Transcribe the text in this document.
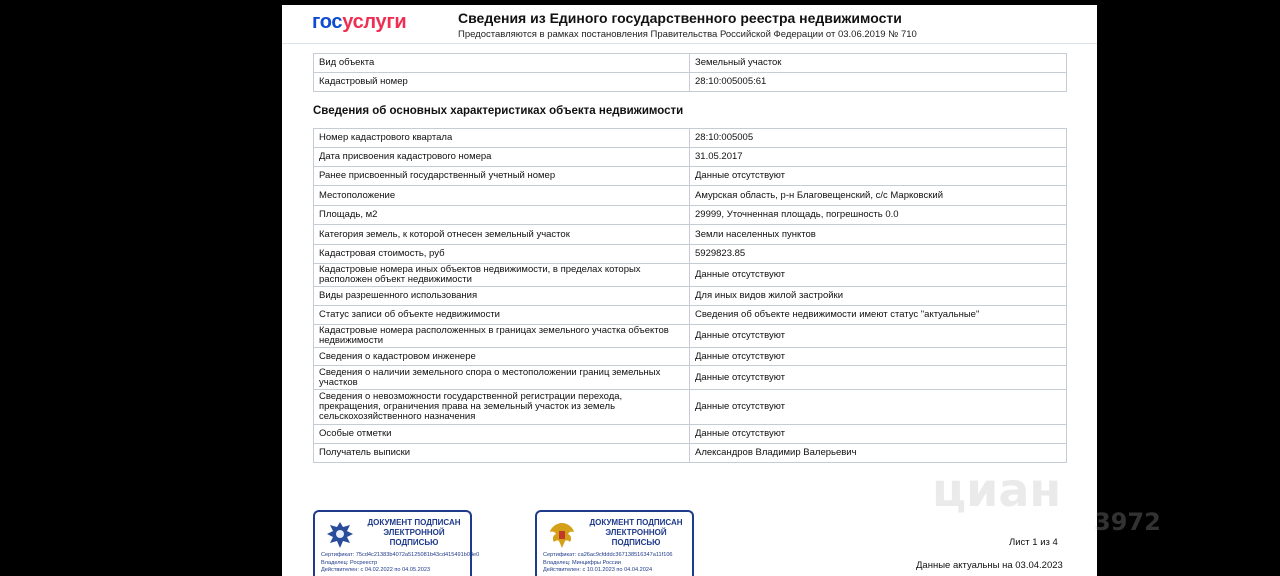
госуслуги	Сведения из Единого государственного реестра недвижимости
Предоставляются в рамках постановления Правительства Российской Федерации от 03.06.2019 № 710
Вид объекта	Земельный участок
Кадастровый номер	28:10:005005:61
Сведения об основных характеристиках объекта недвижимости
Номер кадастрового квартала	28:10:005005
Дата присвоения кадастрового номера	31.05.2017
Ранее присвоенный государственный учетный номер	Данные отсутствуют
Местоположение	Амурская область, р-н Благовещенский, с/с Марковский
Площадь, м2	29999, Уточненная площадь, погрешность 0.0
Категория земель, к которой отнесен земельный участок	Земли населенных пунктов
Кадастровая стоимость, руб	5929823.85
Кадастровые номера иных объектов недвижимости, в пределах которых расположен объект недвижимости	Данные отсутствуют
Виды разрешенного использования	Для иных видов жилой застройки
Статус записи об объекте недвижимости	Сведения об объекте недвижимости имеют статус "актуальные"
Кадастровые номера расположенных в границах земельного участка объектов недвижимости	Данные отсутствуют
Сведения о кадастровом инженере	Данные отсутствуют
Сведения о наличии земельного спора о местоположении границ земельных участков	Данные отсутствуют
Сведения о невозможности государственной регистрации перехода, прекращения, ограничения права на земельный участок из земель сельскохозяйственного назначения	Данные отсутствуют
Особые отметки	Данные отсутствуют
Получатель выписки	Александров Владимир Валерьевич
ДОКУМЕНТ ПОДПИСАН ЭЛЕКТРОННОЙ ПОДПИСЬЮ
Сертификат: 75cd4c21383b4072a5125081b43cd415491b04e0
Владелец: Росреестр
Действителен: с 04.02.2022 по 04.05.2023
ДОКУМЕНТ ПОДПИСАН ЭЛЕКТРОННОЙ ПОДПИСЬЮ
Сертификат: ca26ac9cfdddc367138516347a11f106
Владелец: Минцифры России
Действителен: с 10.01.2023 по 04.04.2024
Лист 1 из 4
Данные актуальны на 03.04.2023
циан
3972
